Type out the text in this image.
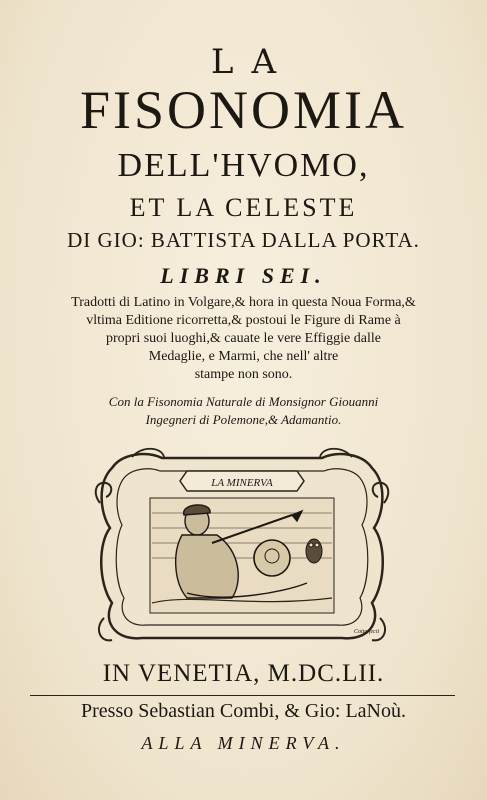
LA
FISONOMIA
DELL'HVOMO,
ET LA CELESTE
DI GIO: BATTISTA DALLA PORTA.
LIBRI SEI.
Tradotti di Latino in Volgare,& hora in questa Noua Forma,&
vltima Editione ricorretta,& postoui le Figure di Rame à
propri suoi luoghi,& cauate le vere Effiggie dalle
Medaglie, e Marmi, che nell' altre
stampe non sono.
Con la Fisonomia Naturale di Monsignor Giouanni
Ingegneri di Polemone,& Adamantio.
LA MINERVA
Cotta fecit
IN VENETIA, M.DC.LII.
Presso Sebastian Combi, & Gio: LaNoù.
ALLA MINERVA.
